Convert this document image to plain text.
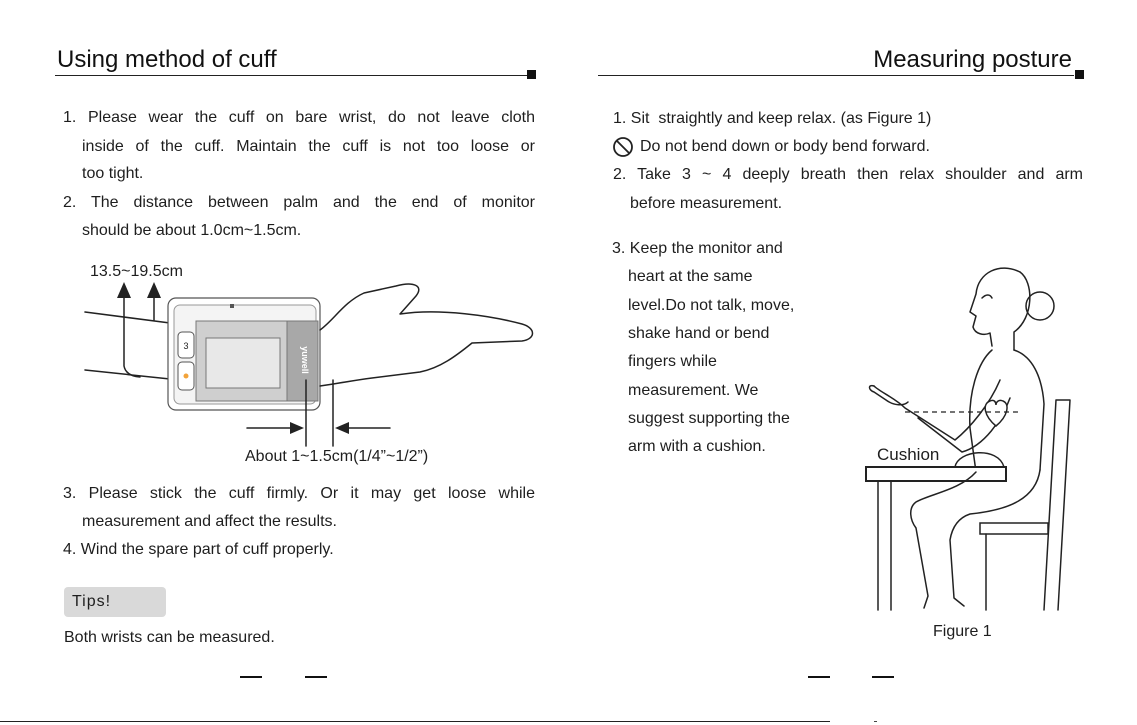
Using method of cuff
1. Please wear the cuff on bare wrist, do not leave cloth
inside of the cuff. Maintain the cuff is not too loose or
too tight.
2. The distance between palm and the end of monitor
should be about 1.0cm~1.5cm.
13.5~19.5cm
About 1~1.5cm(1/4”~1/2”)
3. Please stick the cuff firmly. Or it may get loose while
measurement and affect the results.
4. Wind the spare part of cuff properly.
Tips!
Both wrists can be measured.
Measuring posture
1. Sit  straightly and keep relax. (as Figure 1)
Do not bend down or body bend forward.
2. Take 3 ~ 4 deeply breath then relax shoulder and arm
before measurement.
3. Keep the monitor and
heart at the same
level.Do not talk, move,
shake hand or bend
fingers while
measurement. We
suggest supporting the
arm with a cushion.	Cushion
Figure 1
yuwell
3
